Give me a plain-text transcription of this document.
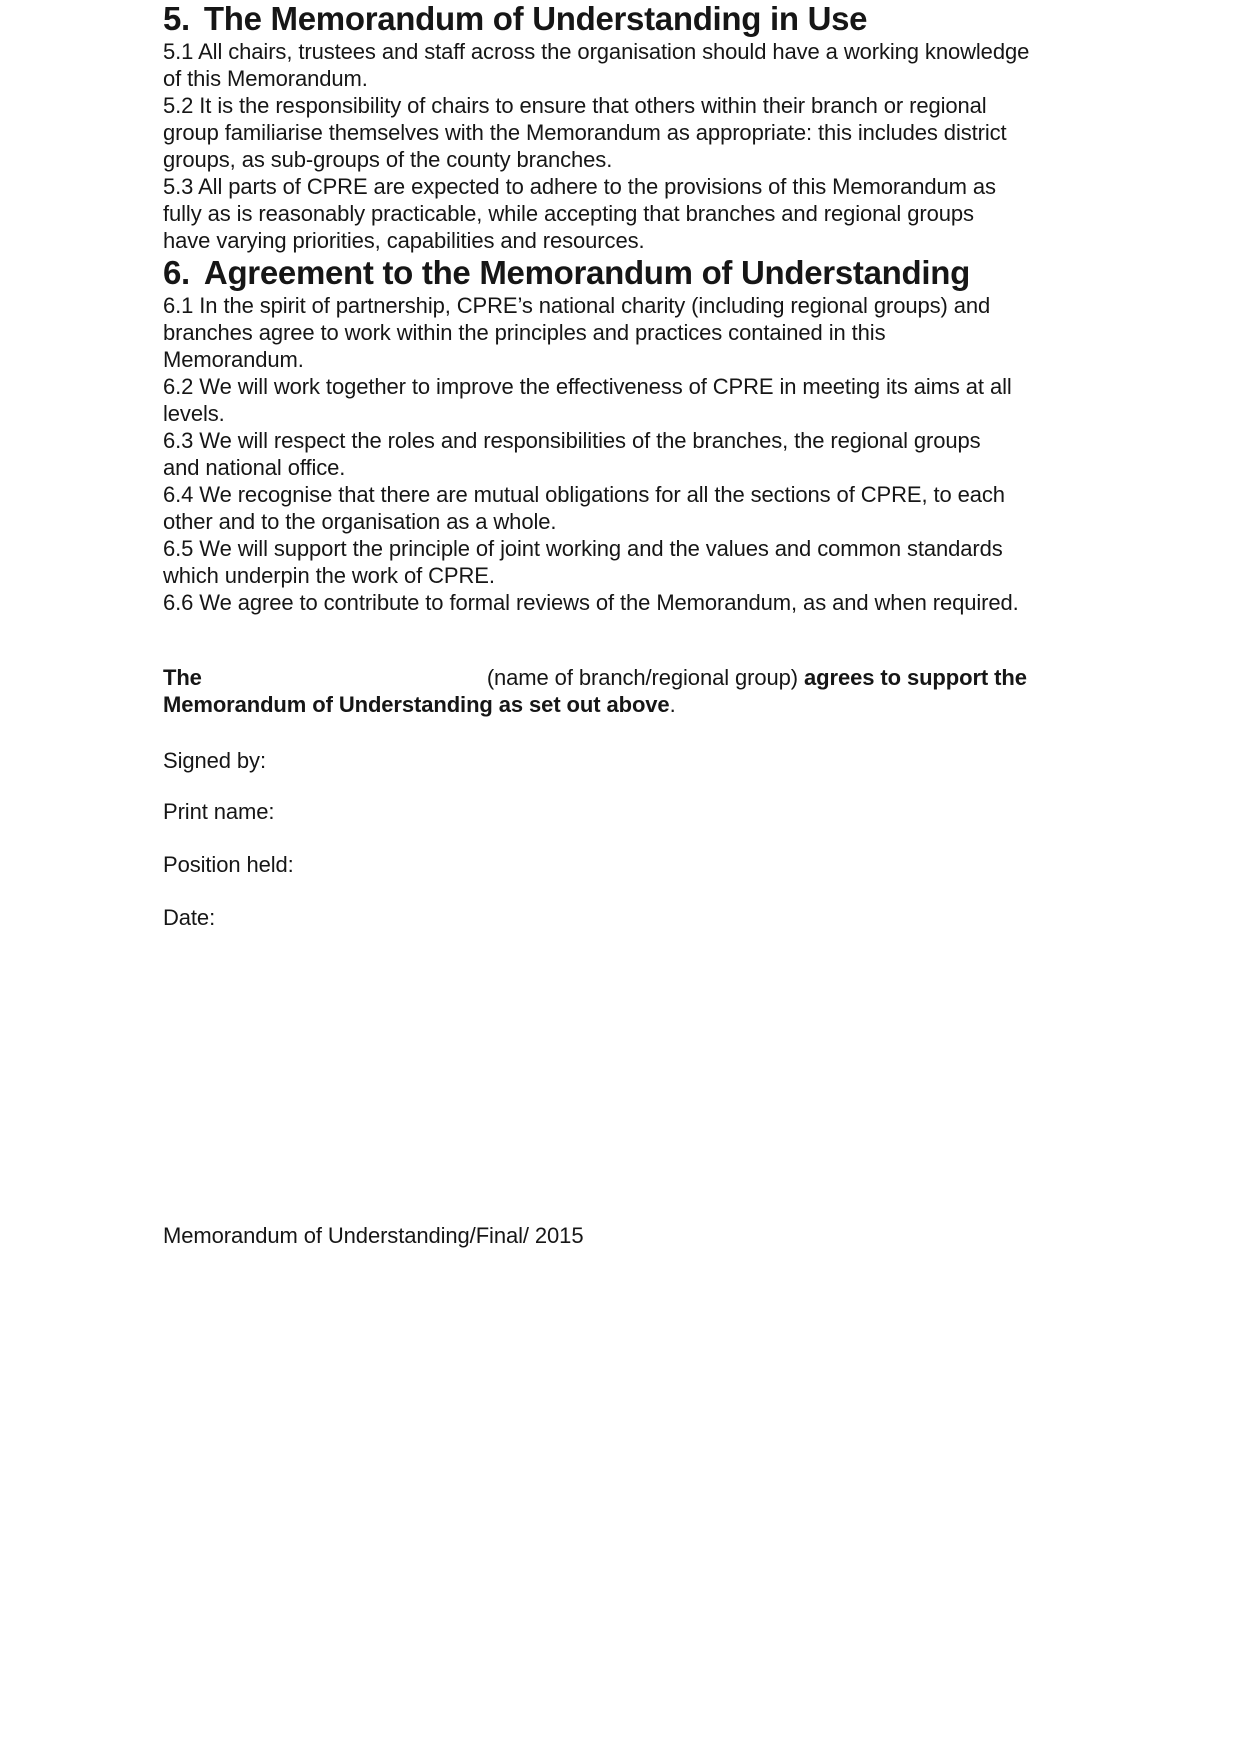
5. The Memorandum of Understanding in Use

5.1 All chairs, trustees and staff across the organisation should have a working knowledge
of this Memorandum.

5.2 It is the responsibility of chairs to ensure that others within their branch or regional
group familiarise themselves with the Memorandum as appropriate: this includes district
groups, as sub-groups of the county branches.

5.3 All parts of CPRE are expected to adhere to the provisions of this Memorandum as
fully as is reasonably practicable, while accepting that branches and regional groups
have varying priorities, capabilities and resources.

6. Agreement to the Memorandum of Understanding

6.1 In the spirit of partnership, CPRE’s national charity (including regional groups) and
branches agree to work within the principles and practices contained in this
Memorandum.

6.2 We will work together to improve the effectiveness of CPRE in meeting its aims at all
levels.

6.3 We will respect the roles and responsibilities of the branches, the regional groups
and national office.

6.4 We recognise that there are mutual obligations for all the sections of CPRE, to each
other and to the organisation as a whole.

6.5 We will support the principle of joint working and the values and common standards
which underpin the work of CPRE.

6.6 We agree to contribute to formal reviews of the Memorandum, as and when required.

The	(name of branch/regional group) agrees to support the
Memorandum of Understanding as set out above.

Signed by:
Print name:
Position held:
Date:
Memorandum of Understanding/Final/ 2015
